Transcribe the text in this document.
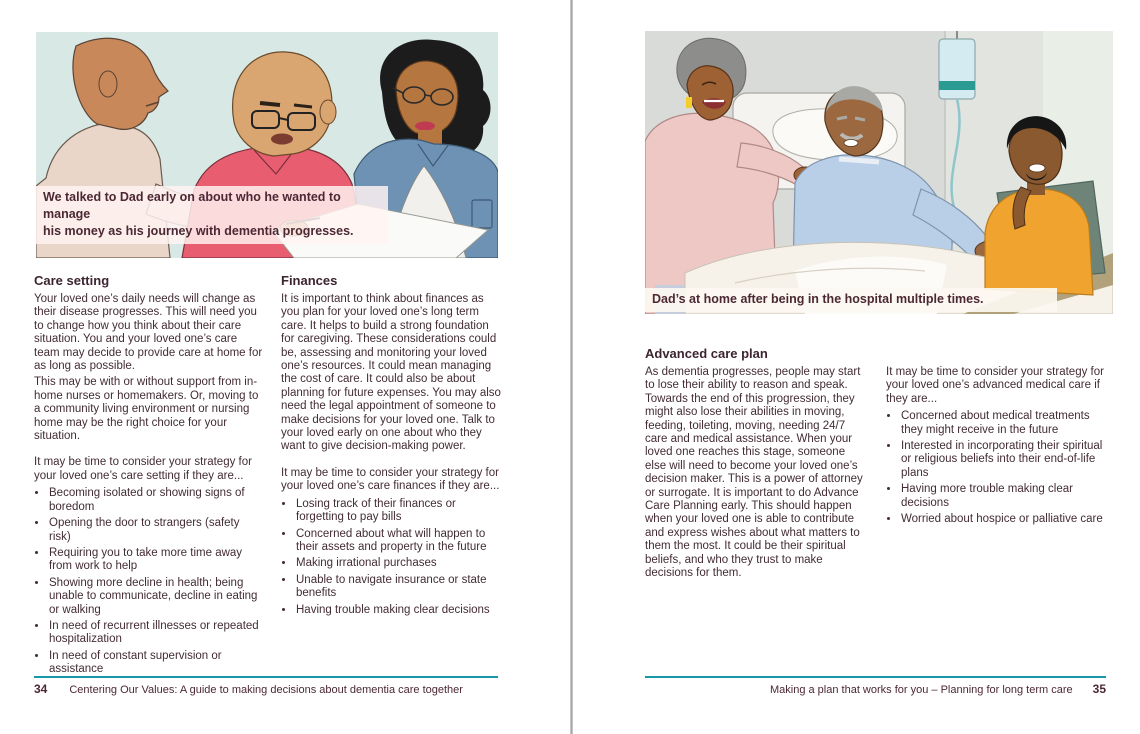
We talked to Dad early on about who he wanted to manage
his money as his journey with dementia progresses.
Care setting

Your loved one’s daily needs will change as their disease progresses. This will need you to change how you think about their care situation. You and your loved one’s care team may decide to provide care at home for as long as possible.

This may be with or without support from in-home nurses or homemakers. Or, moving to a community living environment or nursing home may be the right choice for your situation.

It may be time to consider your strategy for your loved one’s care setting if they are...

• Becoming isolated or showing signs of boredom
• Opening the door to strangers (safety risk)
• Requiring you to take more time away from work to help
• Showing more decline in health; being unable to communicate, decline in eating or walking
• In need of recurrent illnesses or repeated hospitalization
• In need of constant supervision or assistance
Finances

It is important to think about finances as you plan for your loved one’s long term care. It helps to build a strong foundation for caregiving. These considerations could be, assessing and monitoring your loved one’s resources. It could mean managing the cost of care. It could also be about planning for future expenses. You may also need the legal appointment of someone to make decisions for your loved one. Talk to your loved early on one about who they want to give decision-making power.

It may be time to consider your strategy for your loved one’s care finances if they are...

• Losing track of their finances or forgetting to pay bills
• Concerned about what will happen to their assets and property in the future
• Making irrational purchases
• Unable to navigate insurance or state benefits
• Having trouble making clear decisions
34 Centering Our Values: A guide to making decisions about dementia care together
Dad’s at home after being in the hospital multiple times.
Advanced care plan

As dementia progresses, people may start to lose their ability to reason and speak. Towards the end of this progression, they might also lose their abilities in moving, feeding, toileting, moving, needing 24/7 care and medical assistance. When your loved one reaches this stage, someone else will need to become your loved one’s decision maker. This is a power of attorney or surrogate. It is important to do Advance Care Planning early. This should happen when your loved one is able to contribute and express wishes about what matters to them the most. It could be their spiritual beliefs, and who they trust to make decisions for them.

It may be time to consider your strategy for your loved one’s advanced medical care if they are...

• Concerned about medical treatments they might receive in the future
• Interested in incorporating their spiritual or religious beliefs into their end-of-life plans
• Having more trouble making clear decisions
• Worried about hospice or palliative care
Making a plan that works for you – Planning for long term care 35
